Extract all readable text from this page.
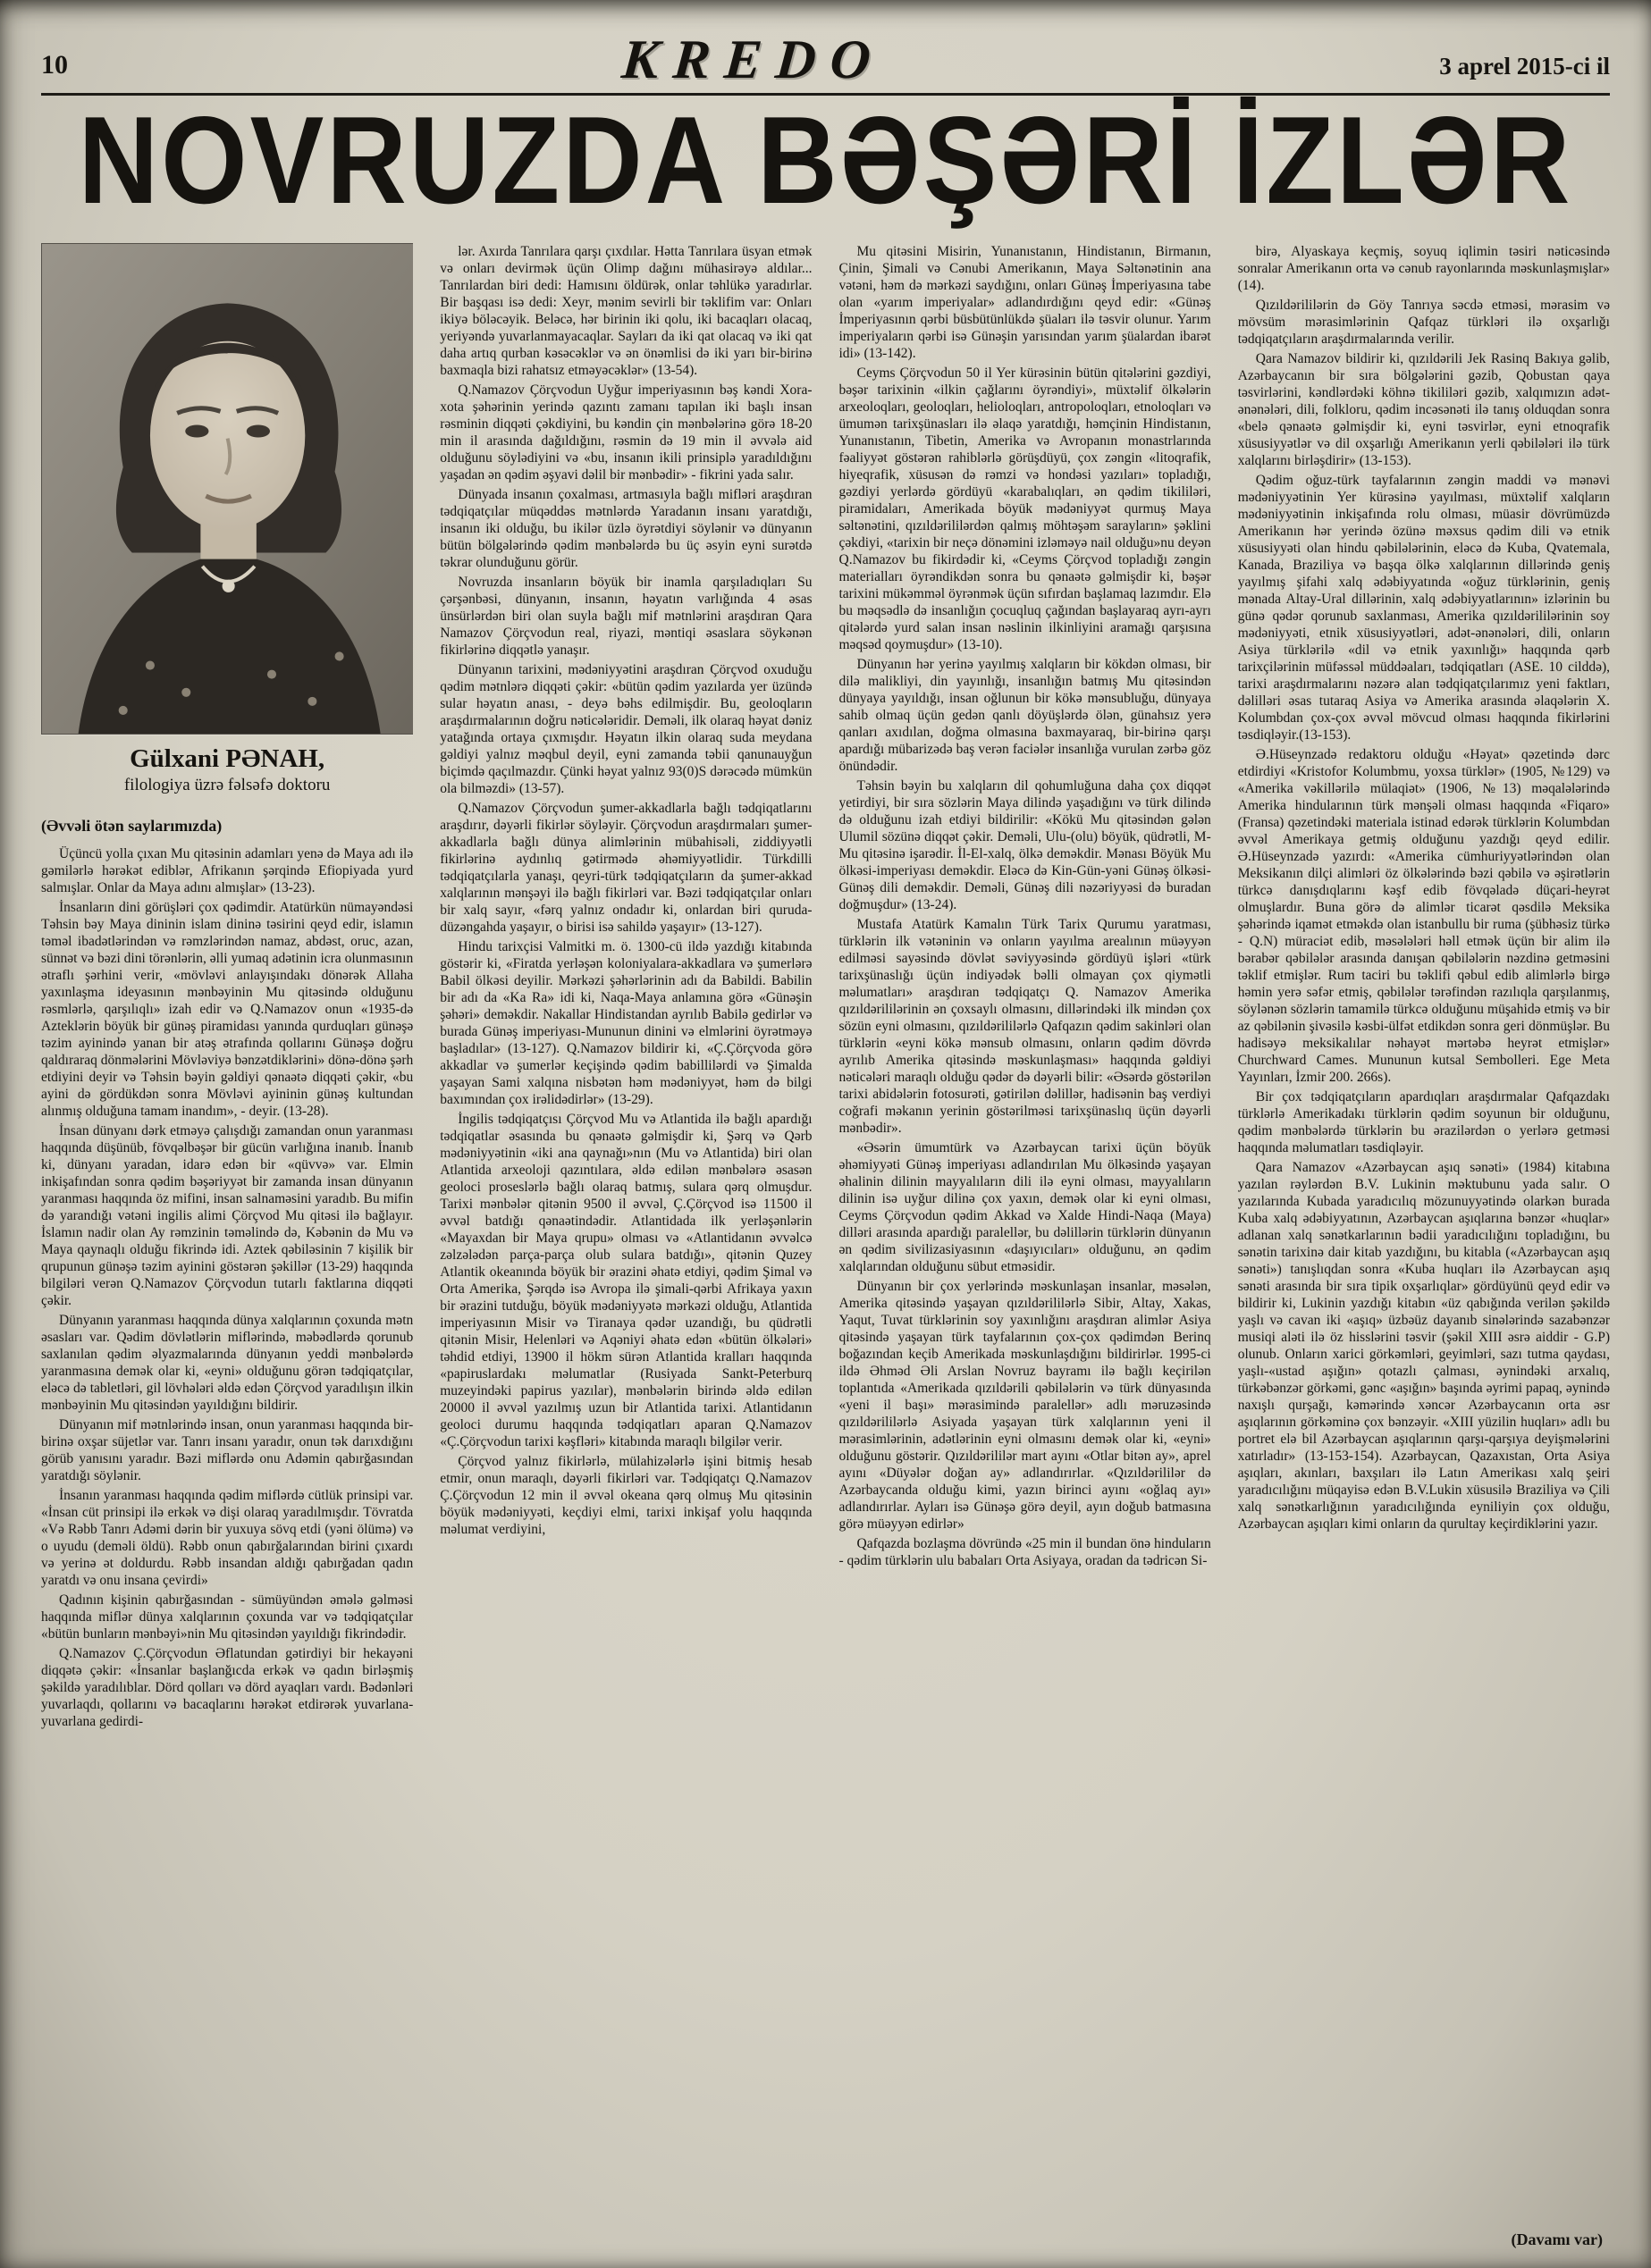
10	KREDO	3 aprel 2015-ci il
NOVRUZDA BƏŞƏRİ İZLƏR
Gülxani PƏNAH,
filologiya üzrə fəlsəfə doktoru
(Əvvəli ötən saylarımızda)

Üçüncü yolla çıxan Mu qitəsinin adamları yenə də Maya adı ilə gəmilərlə hərəkət ediblər, Afrikanın şərqində Efiopiyada yurd salmışlar. Onlar da Maya adını almışlar» (13-23).

İnsanların dini görüşləri çox qədimdir. Atatürkün nümayəndəsi Təhsin bəy Maya dininin islam dininə təsirini qeyd edir, islamın təməl ibadətlərindən və rəmzlərindən namaz, abdəst, oruc, azan, sünnət və bəzi dini törənlərin, əlli yumaq adətinin icra olunmasının ətraflı şərhini verir, «mövləvi anlayışındakı dönərək Allaha yaxınlaşma ideyasının mənbəyinin Mu qitəsində olduğunu rəsmlərlə, qarşılıqlı» izah edir və Q.Namazov onun «1935-də Azteklərin böyük bir günəş piramidası yanında qurduqları günəşə təzim ayinində yanan bir atəş ətrafında qollarını Günəşə doğru qaldıraraq dönmələrini Mövləviyə bənzətdiklərini» dönə-dönə şərh etdiyini deyir və Təhsin bəyin gəldiyi qənaətə diqqəti çəkir, «bu ayini də gördükdən sonra Mövləvi ayininin günəş kultundan alınmış olduğuna tamam inandım», - deyir. (13-28).

İnsan dünyanı dərk etməyə çalışdığı zamandan onun yaranması haqqında düşünüb, fövqəlbəşər bir gücün varlığına inanıb. İnanıb ki, dünyanı yaradan, idarə edən bir «qüvvə» var. Elmin inkişafından sonra qədim bəşəriyyət bir zamanda insan dünyanın yaranması haqqında öz mifini, insan salnaməsini yaradıb. Bu mifin də yarandığı vətəni ingilis alimi Çörçvod Mu qitəsi ilə bağlayır. İslamın nadir olan Ay rəmzinin təməlində də, Kəbənin də Mu və Maya qaynaqlı olduğu fikrində idi. Aztek qəbiləsinin 7 kişilik bir qrupunun günəşə təzim ayinini göstərən şəkillər (13-29) haqqında bilgiləri verən Q.Namazov Çörçvodun tutarlı faktlarına diqqəti çəkir.

Dünyanın yaranması haqqında dünya xalqlarının çoxunda mətn əsasları var. Qədim dövlətlərin miflərində, məbədlərdə qorunub saxlanılan qədim əlyazmalarında dünyanın yeddi mənbələrdə yaranmasına demək olar ki, «eyni» olduğunu görən tədqiqatçılar, eləcə də tabletləri, gil lövhələri əldə edən Çörçvod yaradılışın ilkin mənbəyinin Mu qitəsindən yayıldığını bildirir.

Dünyanın mif mətnlərində insan, onun yaranması haqqında bir-birinə oxşar süjetlər var. Tanrı insanı yaradır, onun tək darıxdığını görüb yanısını yaradır. Bəzi miflərdə onu Adəmin qabırğasından yaratdığı söylənir.

İnsanın yaranması haqqında qədim miflərdə cütlük prinsipi var. «İnsan cüt prinsipi ilə erkək və dişi olaraq yaradılmışdır. Tövratda «Və Rəbb Tanrı Adəmi dərin bir yuxuya sövq etdi (yəni ölümə) və o uyudu (deməli öldü). Rəbb onun qabırğalarından birini çıxardı və yerinə ət doldurdu. Rəbb insandan aldığı qabırğadan qadın yaratdı və onu insana çevirdi»

Qadının kişinin qabırğasından - sümüyündən əmələ gəlməsi haqqında miflər dünya xalqlarının çoxunda var və tədqiqatçılar «bütün bunların mənbəyi»nin Mu qitəsindən yayıldığı fikrindədir.

Q.Namazov Ç.Çörçvodun Əflatundan gətirdiyi bir hekayəni diqqətə çəkir: «İnsanlar başlanğıcda erkək və qadın birləşmiş şəkildə yaradılıblar. Dörd qolları və dörd ayaqları vardı. Bədənləri yuvarlaqdı, qollarını və bacaqlarını hərəkət etdirərək yuvarlana-yuvarlana gedirdi-

lər. Axırda Tanrılara qarşı çıxdılar. Hətta Tanrılara üsyan etmək və onları devirmək üçün Olimp dağını mühasirəyə aldılar... Tanrılardan biri dedi: Hamısını öldürək, onlar təhlükə yaradırlar. Bir başqası isə dedi: Xeyr, mənim sevirli bir təklifim var: Onları ikiyə böləcəyik. Beləcə, hər birinin iki qolu, iki bacaqları olacaq, yeriyəndə yuvarlanmayacaqlar. Sayları da iki qat olacaq və iki qat daha artıq qurban kəsəcəklər və ən önəmlisi də iki yarı bir-birinə baxmaqla bizi rahatsız etməyəcəklər» (13-54).

Q.Namazov Çörçvodun Uyğur imperiyasının bəş kəndi Xora-xota şəhərinin yerində qazıntı zamanı tapılan iki başlı insan rəsminin diqqəti çəkdiyini, bu kəndin çin mənbələrinə görə 18-20 min il arasında dağıldığını, rəsmin də 19 min il əvvələ aid olduğunu söylədiyini və «bu, insanın ikili prinsiplə yaradıldığını yaşadan ən qədim əşyavi dəlil bir mənbədir» - fikrini yada salır.

Dünyada insanın çoxalması, artmasıyla bağlı mifləri araşdıran tədqiqatçılar müqəddəs mətnlərdə Yaradanın insanı yaratdığı, insanın iki olduğu, bu ikilər üzlə öyrətdiyi söylənir və dünyanın bütün bölgələrində qədim mənbələrdə bu üç əsyin eyni surətdə təkrar olunduğunu görür.

Novruzda insanların böyük bir inamla qarşıladıqları Su çərşənbəsi, dünyanın, insanın, həyatın varlığında 4 əsas ünsürlərdən biri olan suyla bağlı mif mətnlərini araşdıran Qara Namazov Çörçvodun real, riyazi, məntiqi əsaslara söykənən fikirlərinə diqqətlə yanaşır.

Dünyanın tarixini, mədəniyyətini araşdıran Çörçvod oxuduğu qədim mətnlərə diqqəti çəkir: «bütün qədim yazılarda yer üzündə sular həyatın anası, - deyə bəhs edilmişdir. Bu, geoloqların araşdırmalarının doğru nəticələridir. Deməli, ilk olaraq həyat dəniz yatağında ortaya çıxmışdır. Həyatın ilkin olaraq suda meydana gəldiyi yalnız məqbul deyil, eyni zamanda təbii qanunauyğun biçimdə qaçılmazdır. Çünki həyat yalnız 93(0)S dərəcədə mümkün ola bilməzdi» (13-57).

Q.Namazov Çörçvodun şumer-akkadlarla bağlı tədqiqatlarını araşdırır, dəyərli fikirlər söyləyir. Çörçvodun araşdırmaları şumer-akkadlarla bağlı dünya alimlərinin mübahisəli, ziddiyyətli fikirlərinə aydınlıq gətirmədə əhəmiyyətlidir. Türkdilli tədqiqatçılarla yanaşı, qeyri-türk tədqiqatçıların da şumer-akkad xalqlarının mənşəyi ilə bağlı fikirləri var. Bəzi tədqiqatçılar onları bir xalq sayır, «fərq yalnız ondadır ki, onlardan biri quruda-düzəngahda yaşayır, o birisi isə sahildə yaşayır» (13-127).

Hindu tarixçisi Valmitki m. ö. 1300-cü ildə yazdığı kitabında göstərir ki, «Firatda yerləşən koloniyalara-akkadlara və şumerlərə Babil ölkəsi deyilir. Mərkəzi şəhərlərinin adı da Babildi. Babilin bir adı da «Ka Ra» idi ki, Naqa-Maya anlamına görə «Günəşin şəhəri» deməkdir. Nakallar Hindistandan ayrılıb Babilə gedirlər və burada Günəş imperiyası-Mununun dinini və elmlərini öyrətməyə başladılar» (13-127). Q.Namazov bildirir ki, «Ç.Çörçvoda görə akkadlar və şumerlər keçişində qədim babillilərdi və Şimalda yaşayan Sami xalqına nisbətən həm mədəniyyət, həm də bilgi baxımından çox irəlidədirlər» (13-29).

İngilis tədqiqatçısı Çörçvod Mu və Atlantida ilə bağlı apardığı tədqiqatlar əsasında bu qənaətə gəlmişdir ki, Şərq və Qərb mədəniyyətinin «iki ana qaynağı»nın (Mu və Atlantida) biri olan Atlantida arxeoloji qazıntılara, əldə edilən mənbələrə əsasən geoloci proseslərlə bağlı olaraq batmış, sulara qərq olmuşdur. Tarixi mənbələr qitənin 9500 il əvvəl, Ç.Çörçvod isə 11500 il əvvəl batdığı qənaətindədir. Atlantidada ilk yerləşənlərin «Mayaxdan bir Maya qrupu» olması və «Atlantidanın əvvəlcə zəlzələdən parça-parça olub sulara batdığı», qitənin Quzey Atlantik okeanında böyük bir ərazini əhatə etdiyi, qədim Şimal və Orta Amerika, Şərqdə isə Avropa ilə şimali-qərbi Afrikaya yaxın bir ərazini tutduğu, böyük mədəniyyətə mərkəzi olduğu, Atlantida imperiyasının Misir və Tiranaya qədər uzandığı, bu qüdrətli qitənin Misir, Helenləri və Aqəniyi əhatə edən «bütün ölkələri» təhdid etdiyi, 13900 il hökm sürən Atlantida kralları haqqında «papiruslardakı məlumatlar (Rusiyada Sankt-Peterburq muzeyindəki papirus yazılar), mənbələrin birində əldə edilən 20000 il əvvəl yazılmış uzun bir Atlantida tarixi. Atlantidanın geoloci durumu haqqında tədqiqatları aparan Q.Namazov «Ç.Çörçvodun tarixi kəşfləri» kitabında maraqlı bilgilər verir.

Çörçvod yalnız fikirlərlə, mülahizələrlə işini bitmiş hesab etmir, onun maraqlı, dəyərli fikirləri var. Tədqiqatçı Q.Namazov Ç.Çörçvodun 12 min il əvvəl okeana qərq olmuş Mu qitəsinin böyük mədəniyyəti, keçdiyi elmi, tarixi inkişaf yolu haqqında məlumat verdiyini,

Mu qitəsini Misirin, Yunanıstanın, Hindistanın, Birmanın, Çinin, Şimali və Cənubi Amerikanın, Maya Səltənətinin ana vətəni, həm də mərkəzi saydığını, onları Günəş İmperiyasına tabe olan «yarım imperiyalar» adlandırdığını qeyd edir: «Günəş İmperiyasının qərbi büsbütünlükdə şüaları ilə təsvir olunur. Yarım imperiyaların qərbi isə Günəşin yarısından yarım şüalardan ibarət idi» (13-142).

Ceyms Çörçvodun 50 il Yer kürəsinin bütün qitələrini gəzdiyi, bəşər tarixinin «ilkin çağlarını öyrəndiyi», müxtəlif ölkələrin arxeoloqları, geoloqları, helioloqları, antropoloqları, etnoloqları və ümumən tarixşünasları ilə əlaqə yaratdığı, həmçinin Hindistanın, Yunanıstanın, Tibetin, Amerika və Avropanın monastrlarında fəaliyyət göstərən rahiblərlə görüşdüyü, çox zəngin «litoqrafik, hiyeqrafik, xüsusən də rəmzi və hondəsi yazıları» topladığı, gəzdiyi yerlərdə gördüyü «karabalıqları, ən qədim tikililəri, piramidaları, Amerikada böyük mədəniyyət qurmuş Maya səltənətini, qızıldərililərdən qalmış möhtəşəm sarayların» şəklini çəkdiyi, «tarixin bir neçə dönəmini izləməyə nail olduğu»nu deyən Q.Namazov bu fikirdədir ki, «Ceyms Çörçvod topladığı zəngin materialları öyrəndikdən sonra bu qənaətə gəlmişdir ki, bəşər tarixini mükəmməl öyrənmək üçün sıfırdan başlamaq lazımdır. Elə bu məqsədlə də insanlığın çocuqluq çağından başlayaraq ayrı-ayrı qitələrdə yurd salan insan nəslinin ilkinliyini aramağı qarşısına məqsəd qoymuşdur» (13-10).

Dünyanın hər yerinə yayılmış xalqların bir kökdən olması, bir dilə malikliyi, din yayınlığı, insanlığın batmış Mu qitəsindən dünyaya yayıldığı, insan oğlunun bir kökə mənsubluğu, dünyaya sahib olmaq üçün gedən qanlı döyüşlərdə ölən, günahsız yerə qanları axıdılan, doğma olmasına baxmayaraq, bir-birinə qarşı apardığı mübarizədə baş verən faciələr insanlığa vurulan zərbə göz önündədir.

Təhsin bəyin bu xalqların dil qohumluğuna daha çox diqqət yetirdiyi, bir sıra sözlərin Maya dilində yaşadığını və türk dilində də olduğunu izah etdiyi bildirilir: «Kökü Mu qitəsindən gələn Ulumil sözünə diqqət çəkir. Deməli, Ulu-(olu) böyük, qüdrətli, M-Mu qitəsinə işarədir. İl-El-xalq, ölkə deməkdir. Mənası Böyük Mu ölkəsi-imperiyası deməkdir. Eləcə də Kin-Gün-yəni Günəş ölkəsi-Günəş dili deməkdir. Deməli, Günəş dili nəzəriyyəsi də buradan doğmuşdur» (13-24).

Mustafa Atatürk Kamalın Türk Tarix Qurumu yaratması, türklərin ilk vətəninin və onların yayılma arealının müəyyən edilməsi sayəsində dövlət səviyyəsində gördüyü işləri «türk tarixşünaslığı üçün indiyədək bəlli olmayan çox qiymətli məlumatları» araşdıran tədqiqatçı Q. Namazov Amerika qızıldərililərinin ən çoxsaylı olmasını, dillərindəki ilk mindən çox sözün eyni olmasını, qızıldərililərlə Qafqazın qədim sakinləri olan türklərin «eyni kökə mənsub olmasını, onların qədim dövrdə ayrılıb Amerika qitəsində məskunlaşması» haqqında gəldiyi nəticələri maraqlı olduğu qədər də dəyərli bilir: «Əsərdə göstərilən tarixi abidələrin fotosurəti, gətirilən dəlillər, hadisənin baş verdiyi coğrafi məkanın yerinin göstərilməsi tarixşünaslıq üçün dəyərli mənbədir».

«Əsərin ümumtürk və Azərbaycan tarixi üçün böyük əhəmiyyəti Günəş imperiyası adlandırılan Mu ölkəsində yaşayan əhalinin dilinin mayyalıların dili ilə eyni olması, mayyalıların dilinin isə uyğur dilinə çox yaxın, demək olar ki eyni olması, Ceyms Çörçvodun qədim Akkad və Xalde Hindi-Naqa (Maya) dilləri arasında apardığı paralellər, bu dəlillərin türklərin dünyanın ən qədim sivilizasiyasının «daşıyıcıları» olduğunu, ən qədim xalqlarından olduğunu sübut etməsidir.

Dünyanın bir çox yerlərində məskunlaşan insanlar, məsələn, Amerika qitəsində yaşayan qızıldərililərlə Sibir, Altay, Xakas, Yaqut, Tuvat türklərinin soy yaxınlığını araşdıran alimlər Asiya qitəsində yaşayan türk tayfalarının çox-çox qədimdən Berinq boğazından keçib Amerikada məskunlaşdığını bildirirlər. 1995-ci ildə Əhməd Əli Arslan Novruz bayramı ilə bağlı keçirilən toplantıda «Amerikada qızıldərili qəbilələrin və türk dünyasında «yeni il başı» mərasimində paralellər» adlı məruzəsində qızıldərililərlə Asiyada yaşayan türk xalqlarının yeni il mərasimlərinin, adətlərinin eyni olmasını demək olar ki, «eyni» olduğunu göstərir. Qızıldərililər mart ayını «Otlar bitən ay», aprel ayını «Düyələr doğan ay» adlandırırlar. «Qızıldərililər də Azərbaycanda olduğu kimi, yazın birinci ayını «oğlaq ayı» adlandırırlar. Ayları isə Günəşə görə deyil, ayın doğub batmasına görə müəyyən edirlər»

Qafqazda bozlaşma dövründə «25 min il bundan önə hinduların - qədim türklərin ulu babaları Orta Asiyaya, oradan da tədricən Si-

birə, Alyaskaya keçmiş, soyuq iqlimin təsiri nəticəsində sonralar Amerikanın orta və cənub rayonlarında məskunlaşmışlar» (14).

Qızıldərililərin də Göy Tanrıya səcdə etməsi, mərasim və mövsüm mərasimlərinin Qafqaz türkləri ilə oxşarlığı tədqiqatçıların araşdırmalarında verilir.

Qara Namazov bildirir ki, qızıldərili Jek Rasinq Bakıya gəlib, Azərbaycanın bir sıra bölgələrini gəzib, Qobustan qaya təsvirlərini, kəndlərdəki köhnə tikililəri gəzib, xalqımızın adət-ənənələri, dili, folkloru, qədim incəsənəti ilə tanış olduqdan sonra «belə qənaətə gəlmişdir ki, eyni təsvirlər, eyni etnoqrafik xüsusiyyətlər və dil oxşarlığı Amerikanın yerli qəbilələri ilə türk xalqlarını birləşdirir» (13-153).

Qədim oğuz-türk tayfalarının zəngin maddi və mənəvi mədəniyyətinin Yer kürəsinə yayılması, müxtəlif xalqların mədəniyyətinin inkişafında rolu olması, müasir dövrümüzdə Amerikanın hər yerində özünə məxsus qədim dili və etnik xüsusiyyəti olan hindu qəbilələrinin, eləcə də Kuba, Qvatemala, Kanada, Braziliya və başqa ölkə xalqlarının dillərində geniş yayılmış şifahi xalq ədəbiyyatında «oğuz türklərinin, geniş mənada Altay-Ural dillərinin, xalq ədəbiyyatlarının» izlərinin bu günə qədər qorunub saxlanması, Amerika qızıldərililərinin soy mədəniyyəti, etnik xüsusiyyətləri, adət-ənənələri, dili, onların Asiya türklərilə «dil və etnik yaxınlığı» haqqında qərb tarixçilərinin müfəssəl müddəaları, tədqiqatları (ASE. 10 cilddə), tarixi araşdırmalarını nəzərə alan tədqiqatçılarımız yeni faktları, dəlilləri əsas tutaraq Asiya və Amerika arasında əlaqələrin X. Kolumbdan çox-çox əvvəl mövcud olması haqqında fikirlərini təsdiqləyir.(13-153).

Ə.Hüseynzadə redaktoru olduğu «Həyat» qəzetində dərc etdirdiyi «Kristofor Kolumbmu, yoxsa türklər» (1905, №129) və «Amerika vəkillərilə mülaqiət» (1906, №13) məqalələrində Amerika hindularının türk mənşəli olması haqqında «Fiqaro» (Fransa) qəzetindəki materiala istinad edərək türklərin Kolumbdan əvvəl Amerikaya getmiş olduğunu yazdığı qeyd edilir. Ə.Hüseynzadə yazırdı: «Amerika cümhuriyyətlərindən olan Meksikanın dilçi alimləri öz ölkələrində bəzi qəbilə və əşirətlərin türkcə danışdıqlarını kəşf edib fövqəladə düçari-heyrət olmuşlardır. Buna görə də alimlər ticarət qəsdilə Meksika şəhərində iqamət etməkdə olan istanbullu bir ruma (şübhəsiz türkə - Q.N) müraciət edib, məsələləri həll etmək üçün bir alim ilə bərabər qəbilələr arasında danışan qəbilələrin nəzdinə getməsini təklif etmişlər. Rum taciri bu təklifi qəbul edib alimlərlə birgə həmin yerə səfər etmiş, qəbilələr tərəfindən razılıqla qarşılanmış, söylənən sözlərin tamamilə türkcə olduğunu müşahidə etmiş və bir az qəbilənin şivəsilə kəsbi-ülfət etdikdən sonra geri dönmüşlər. Bu hadisəyə meksikalılar nəhayət mərtəbə heyrət etmişlər» Churchward Cames. Mununun kutsal Sembolleri. Ege Meta Yayınları, İzmir 200. 266s).

Bir çox tədqiqatçıların apardıqları araşdırmalar Qafqazdakı türklərlə Amerikadakı türklərin qədim soyunun bir olduğunu, qədim mənbələrdə türklərin bu ərazilərdən o yerlərə getməsi haqqında məlumatları təsdiqləyir.

Qara Namazov «Azərbaycan aşıq sənəti» (1984) kitabına yazılan rəylərdən B.V. Lukinin məktubunu yada salır. O yazılarında Kubada yaradıcılıq mözunuyyətində olarkən burada Kuba xalq ədəbiyyatının, Azərbaycan aşıqlarına bənzər «huqlar» adlanan xalq sənətkarlarının bədii yaradıcılığını topladığını, bu sənətin tarixinə dair kitab yazdığını, bu kitabla («Azərbaycan aşıq sənəti») tanışlıqdan sonra «Kuba huqları ilə Azərbaycan aşıq sənəti arasında bir sıra tipik oxşarlıqlar» gördüyünü qeyd edir və bildirir ki, Lukinin yazdığı kitabın «üz qabığında verilən şəkildə yaşlı və cavan iki «aşıq» üzbəüz dayanıb sinələrində sazabənzər musiqi aləti ilə öz hisslərini təsvir (şəkil XIII əsrə aiddir - G.P) olunub. Onların xarici görkəmləri, geyimləri, sazı tutma qaydası, yaşlı-«ustad aşığın» qotazlı çalması, əynindəki arxalıq, türkəbənzər görkəmi, gənc «aşığın» başında əyrimi papaq, əynində naxışlı qurşağı, kəmərində xəncər Azərbaycanın orta əsr aşıqlarının görkəminə çox bənzəyir. «XIII yüzilin huqları» adlı bu portret elə bil Azərbaycan aşıqlarının qarşı-qarşıya deyişmələrini xatırladır» (13-153-154). Azərbaycan, Qazaxıstan, Orta Asiya aşıqları, akınları, baxşıları ilə Latın Amerikası xalq şeiri yaradıcılığını müqayisə edən B.V.Lukin xüsusilə Braziliya və Çili xalq sənətkarlığının yaradıcılığında eyniliyin çox olduğu, Azərbaycan aşıqları kimi onların da qurultay keçirdiklərini yazır.

(Davamı var)
